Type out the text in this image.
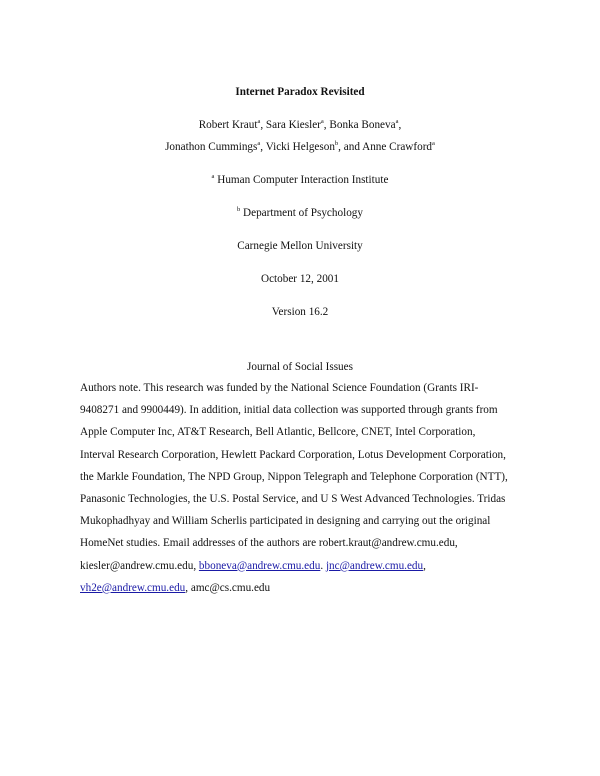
Internet Paradox Revisited
Robert Kraut$^a$, Sara Kiesler$^a$, Bonka Boneva$^a$,
Jonathon Cummings$^a$, Vicki Helgeson$^b$, and Anne Crawford$^a$
$^a$ Human Computer Interaction Institute
$^b$ Department of Psychology
Carnegie Mellon University
October 12, 2001
Version 16.2
Journal of Social Issues
Authors note. This research was funded by the National Science Foundation (Grants IRI-
9408271 and 9900449). In addition, initial data collection was supported through grants from
Apple Computer Inc, AT&T Research, Bell Atlantic, Bellcore, CNET, Intel Corporation,
Interval Research Corporation, Hewlett Packard Corporation, Lotus Development Corporation,
the Markle Foundation, The NPD Group, Nippon Telegraph and Telephone Corporation (NTT),
Panasonic Technologies, the U.S. Postal Service, and U S West Advanced Technologies. Tridas
Mukophadhyay and William Scherlis participated in designing and carrying out the original
HomeNet studies. Email addresses of the authors are robert.kraut@andrew.cmu.edu,
kiesler@andrew.cmu.edu, bboneva@andrew.cmu.edu. jnc@andrew.cmu.edu,
vh2e@andrew.cmu.edu, amc@cs.cmu.edu
